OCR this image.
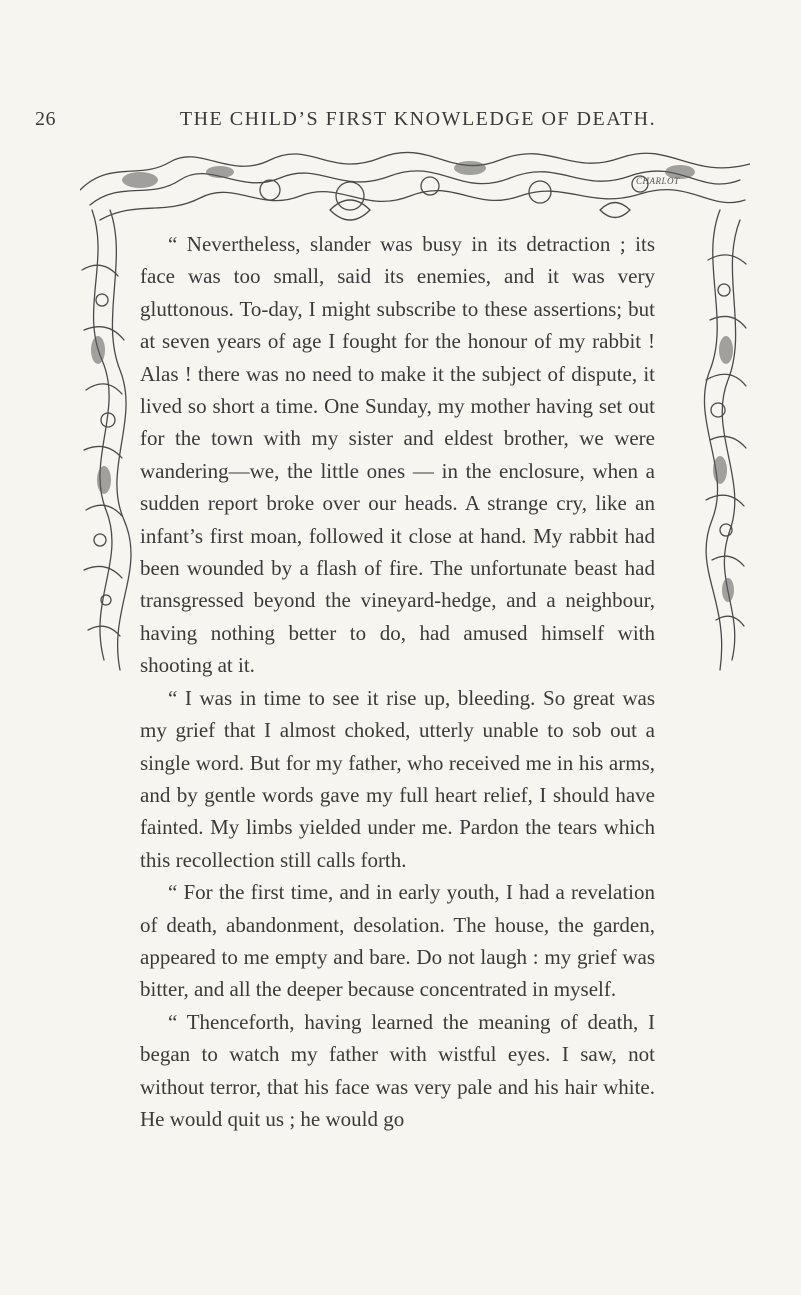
26	THE CHILD’S FIRST KNOWLEDGE OF DEATH.
CHARLOT

“ Nevertheless, slander was busy in its detraction ; its face was too small, said its enemies, and it was very gluttonous. To-day, I might subscribe to these assertions; but at seven years of age I fought for the honour of my rabbit ! Alas ! there was no need to make it the subject of dispute, it lived so short a time. One Sunday, my mother having set out for the town with my sister and eldest brother, we were wandering—we, the little ones — in the enclosure, when a sudden report broke over our heads. A strange cry, like an infant’s first moan, followed it close at hand. My rabbit had been wounded by a flash of fire. The unfortunate beast had transgressed beyond the vineyard-hedge, and a neighbour, having nothing better to do, had amused himself with shooting at it.

“ I was in time to see it rise up, bleeding. So great was my grief that I almost choked, utterly unable to sob out a single word. But for my father, who received me in his arms, and by gentle words gave my full heart relief, I should have fainted. My limbs yielded under me. Pardon the tears which this recollection still calls forth.

“ For the first time, and in early youth, I had a revelation of death, abandonment, desolation. The house, the garden, appeared to me empty and bare. Do not laugh : my grief was bitter, and all the deeper because concentrated in myself.

“ Thenceforth, having learned the meaning of death, I began to watch my father with wistful eyes. I saw, not without terror, that his face was very pale and his hair white. He would quit us ; he would go
